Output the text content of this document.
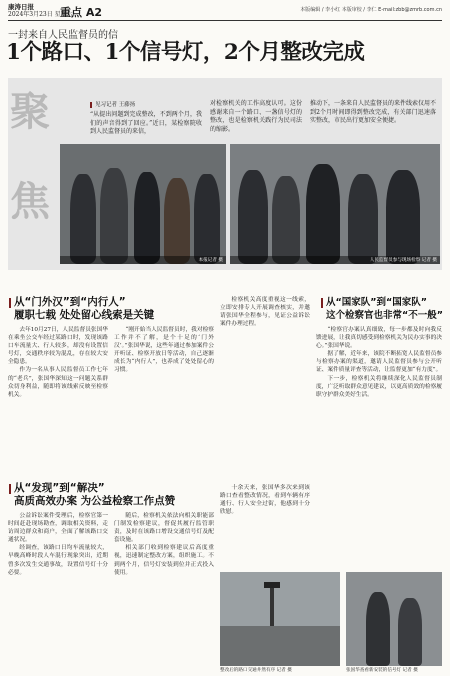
康涛日报
2024年3月23日 星期六
重点 A2	本版编辑 / 李小红 本版审校 / 李仁 E-mail:zbb@zmrb.com.cn
一封来自人民监督员的信
1个路口、1个信号灯，2个月整改完成
聚
焦
见习记者 王藤扬
“从提出问题到完成整改，不到两个月，我们的声音得到了回应。”近日，某检察院收到人民监督员的来信，
对检察机关的工作高度认可。这份感谢来自一个路口、一盏信号灯的整改，也是检察机关践行为民司法的缩影。
推动下，一条来自人民监督员的来件线索仅用不到2个月时间即得到整改完成，有关部门迅速落实整改，市民出行更加安全便捷。
本报记者 摄	人民监督员参与现场检察 记者 摄
从“门外汉”到“内行人”
履职七载 处处留心线索是关键

去年10月27日，人民监督员张国华在乘坐公交车经过某路口时，发现该路口车流量大、行人较多，却没有设置信号灯，交通秩序较为混乱，存在较大安全隐患。

作为一名从事人民监督员工作七年的“老兵”，张国华深知这一问题关系群众切身利益，随即将该线索反映至检察机关。

“刚开始当人民监督员时，我对检察工作并不了解，是个十足的‘门外汉’。”张国华说，这些年通过参加案件公开听证、检察开放日等活动，自己逐渐成长为“内行人”，也养成了处处留心的习惯。

检察机关高度重视这一线索，立即安排专人开展调查核实，并邀请张国华全程参与，见证公益诉讼案件办理过程。

从“发现”到“解决”
高质高效办案 为公益检察工作点赞

公益诉讼案件受理后，检察官第一时间赶赴现场勘查，调取相关资料，走访周边群众和商户，全面了解该路口交通状况。

经调查，该路口日均车流量较大，早晚高峰时段人车混行现象突出，近期曾多次发生交通事故，设置信号灯十分必要。

随后，检察机关依法向相关职能部门制发检察建议，督促其履行监管职责，及时在该路口增设交通信号灯及配套设施。

相关部门收到检察建议后高度重视，迅速制定整改方案，组织施工。不到两个月，信号灯安装到位并正式投入使用。

从“国家队”到“国家队”
这个检察官也非常“不一般”

十余天来，张国华多次来到该路口查看整改情况，看到车辆有序通行、行人安全过街，他感到十分欣慰。

“检察官办案认真细致，每一步都及时向我反馈进展，让我真切感受到检察机关为民办实事的决心。”张国华说。

据了解，近年来，该院不断拓宽人民监督员参与检察办案的渠道，邀请人民监督员参与公开听证、案件质量评查等活动，让监督更加“有力度”。

下一步，检察机关将继续深化人民监督员制度，广泛听取群众意见建议，以更高质效的检察履职守护群众美好生活。

整改后的路口交通井然有序 记者 摄	张国华查看新安装的信号灯 记者 摄
